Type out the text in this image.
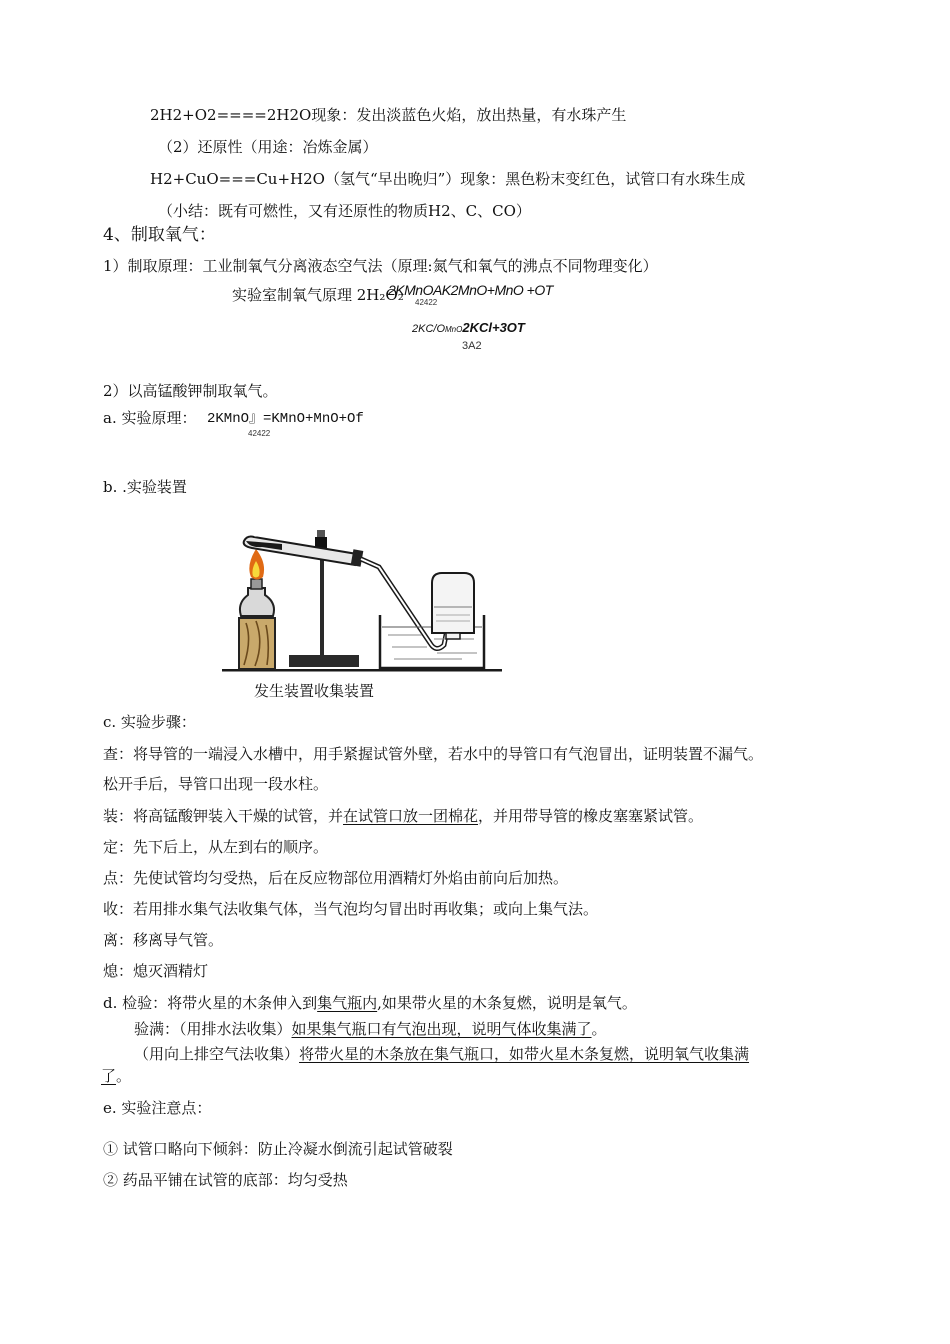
2H2+O2====2H2O现象：发出淡蓝色火焰，放出热量，有水珠产生
（2）还原性（用途：冶炼金属）
H2+CuO===Cu+H2O（氢气“早出晚归”）现象：黑色粉末变红色，试管口有水珠生成
（小结：既有可燃性，又有还原性的物质H2、C、CO）
4、制取氧气：
1）制取原理：工业制氧气分离液态空气法（原理:氮气和氧气的沸点不同物理变化）
实验室制氧气原理 2H₂O₂
2KMnOAK2MnO+MnO +OT
42422
2KC/OMnO2KCl+3OT
3A2
2）以高锰酸钾制取氧气。
a. 实验原理： 2KMnO』=KMnO+MnO+Of
42422
b. .实验装置
发生装置收集装置
c. 实验步骤：
查：将导管的一端浸入水槽中，用手紧握试管外壁，若水中的导管口有气泡冒出，证明装置不漏气。
松开手后，导管口出现一段水柱。
装：将高锰酸钾装入干燥的试管，并在试管口放一团棉花，并用带导管的橡皮塞塞紧试管。
定：先下后上，从左到右的顺序。
点：先使试管均匀受热，后在反应物部位用酒精灯外焰由前向后加热。
收：若用排水集气法收集气体，当气泡均匀冒出时再收集；或向上集气法。
离：移离导气管。
熄：熄灭酒精灯
d. 检验：将带火星的木条伸入到集气瓶内,如果带火星的木条复燃，说明是氧气。
验满：（用排水法收集）如果集气瓶口有气泡出现，说明气体收集满了。
（用向上排空气法收集）将带火星的木条放在集气瓶口，如带火星木条复燃，说明氧气收集满
了。
e. 实验注意点：
① 试管口略向下倾斜：防止冷凝水倒流引起试管破裂
② 药品平铺在试管的底部：均匀受热
